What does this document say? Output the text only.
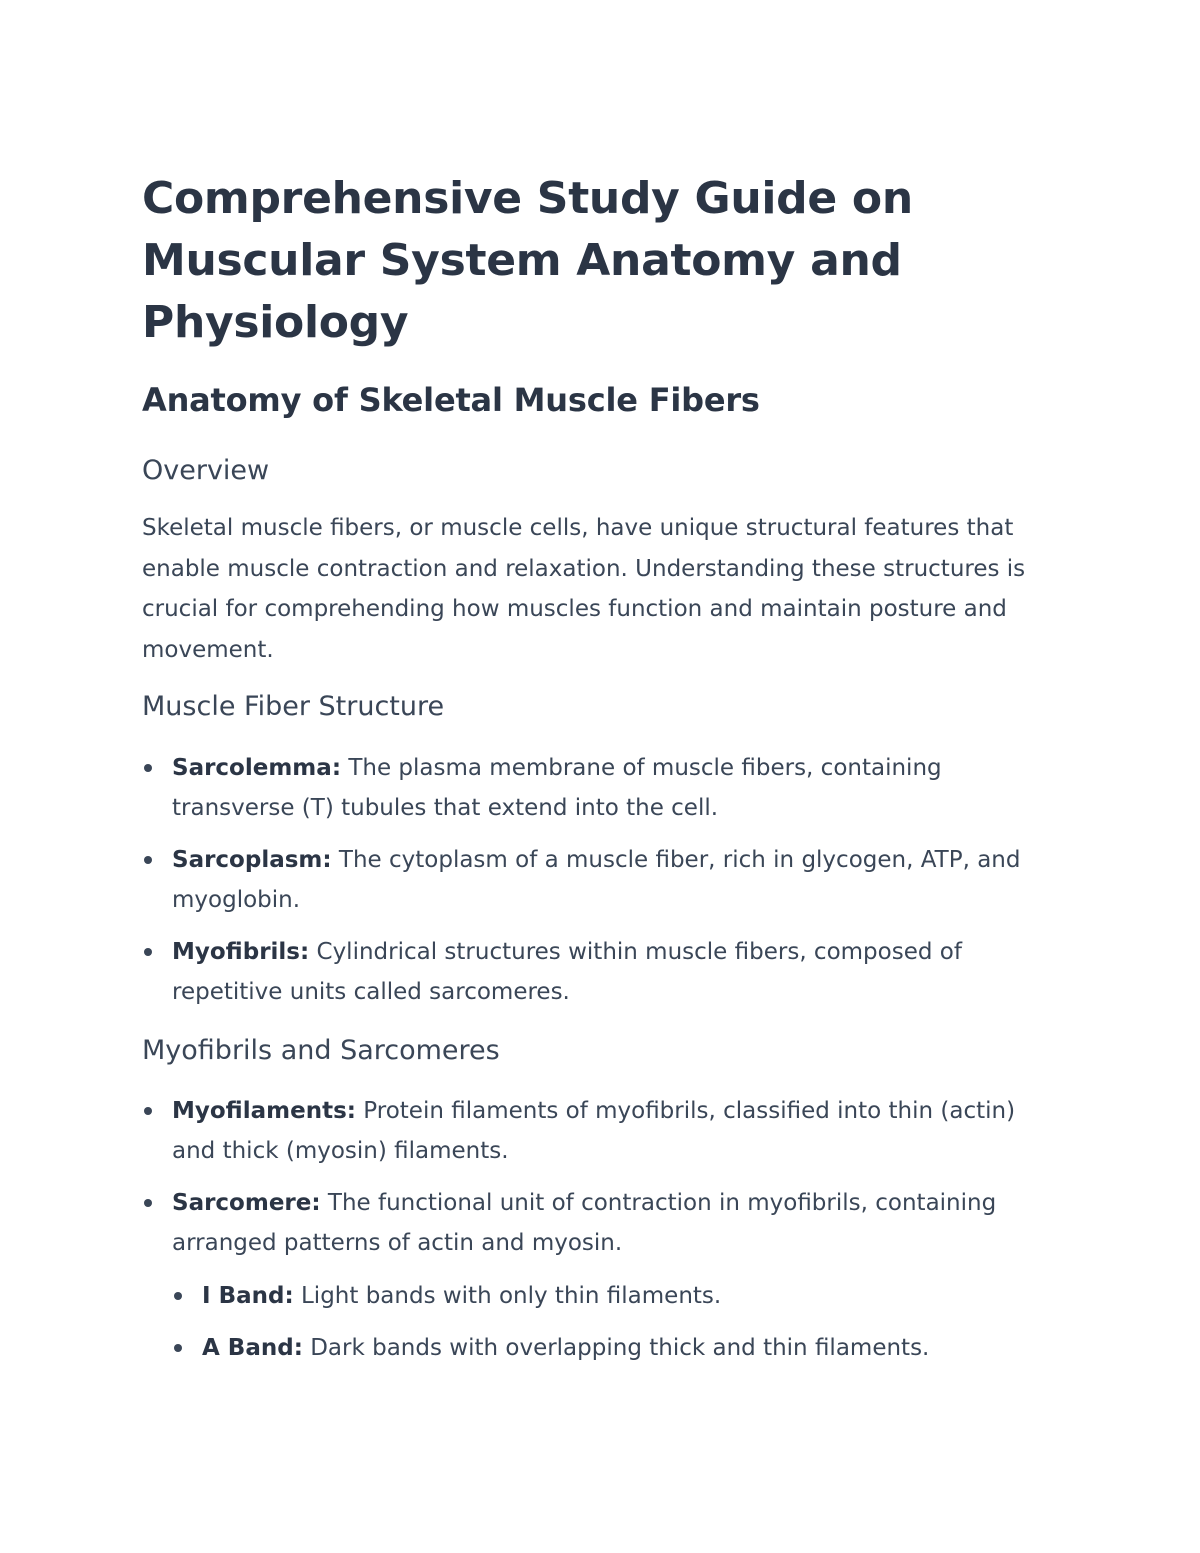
Comprehensive Study Guide on Muscular System Anatomy and Physiology
Anatomy of Skeletal Muscle Fibers
Overview

Skeletal muscle fibers, or muscle cells, have unique structural features that enable muscle contraction and relaxation. Understanding these structures is crucial for comprehending how muscles function and maintain posture and movement.

Muscle Fiber Structure
Sarcolemma: The plasma membrane of muscle fibers, containing transverse (T) tubules that extend into the cell.
Sarcoplasm: The cytoplasm of a muscle fiber, rich in glycogen, ATP, and myoglobin.
Myofibrils: Cylindrical structures within muscle fibers, composed of repetitive units called sarcomeres.
Myofibrils and Sarcomeres
Myofilaments: Protein filaments of myofibrils, classified into thin (actin) and thick (myosin) filaments.
Sarcomere: The functional unit of contraction in myofibrils, containing arranged patterns of actin and myosin.
I Band: Light bands with only thin filaments.
A Band: Dark bands with overlapping thick and thin filaments.
